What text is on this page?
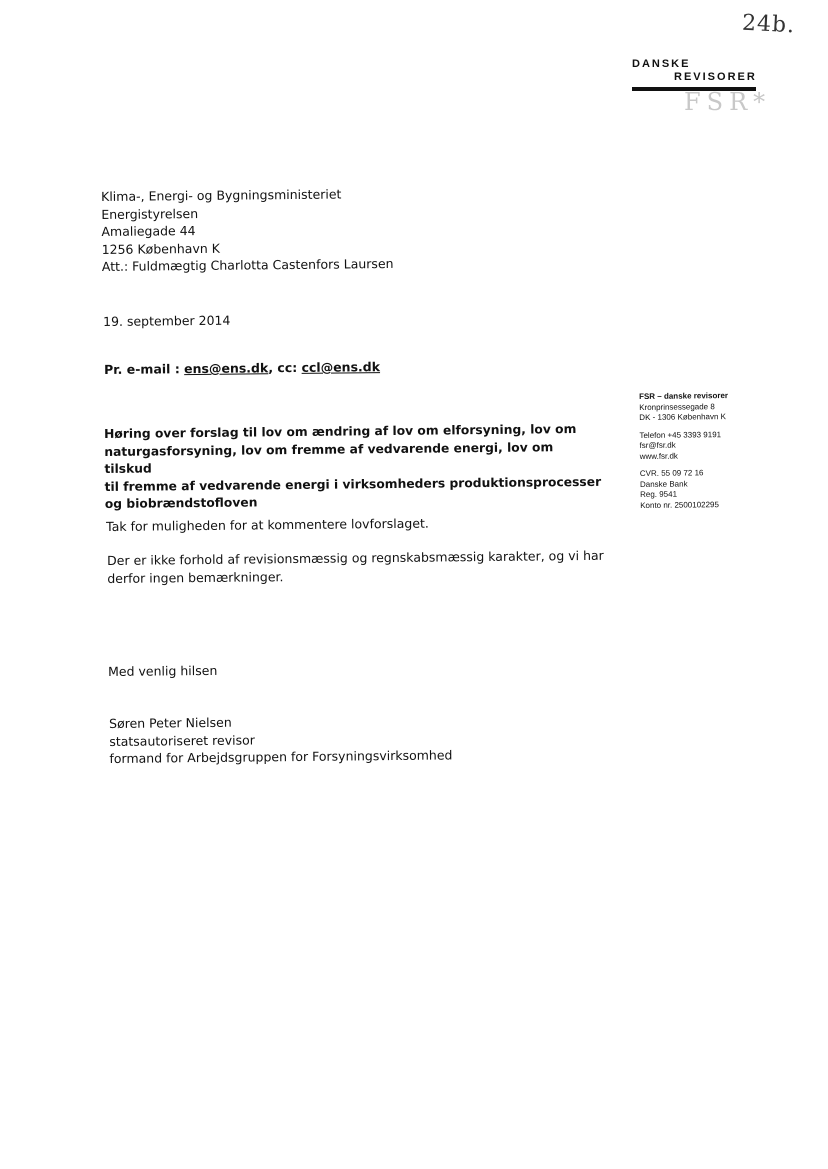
24b.
DANSKE
REVISORER
FSR*
Klima-, Energi- og Bygningsministeriet
Energistyrelsen
Amaliegade 44
1256 København K
Att.: Fuldmægtig Charlotta Castenfors Laursen
19. september 2014
Pr. e-mail : ens@ens.dk, cc: ccl@ens.dk
FSR – danske revisorer
Kronprinsessegade 8
DK - 1306 København K
Telefon +45 3393 9191
fsr@fsr.dk
www.fsr.dk
CVR. 55 09 72 16
Danske Bank
Reg. 9541
Konto nr. 2500102295
Høring over forslag til lov om ændring af lov om elforsyning, lov om
naturgasforsyning, lov om fremme af vedvarende energi, lov om tilskud
til fremme af vedvarende energi i virksomheders produktionsprocesser
og biobrændstofloven
Tak for muligheden for at kommentere lovforslaget.
Der er ikke forhold af revisionsmæssig og regnskabsmæssig karakter, og vi har
derfor ingen bemærkninger.
Med venlig hilsen
Søren Peter Nielsen
statsautoriseret revisor
formand for Arbejdsgruppen for Forsyningsvirksomhed
